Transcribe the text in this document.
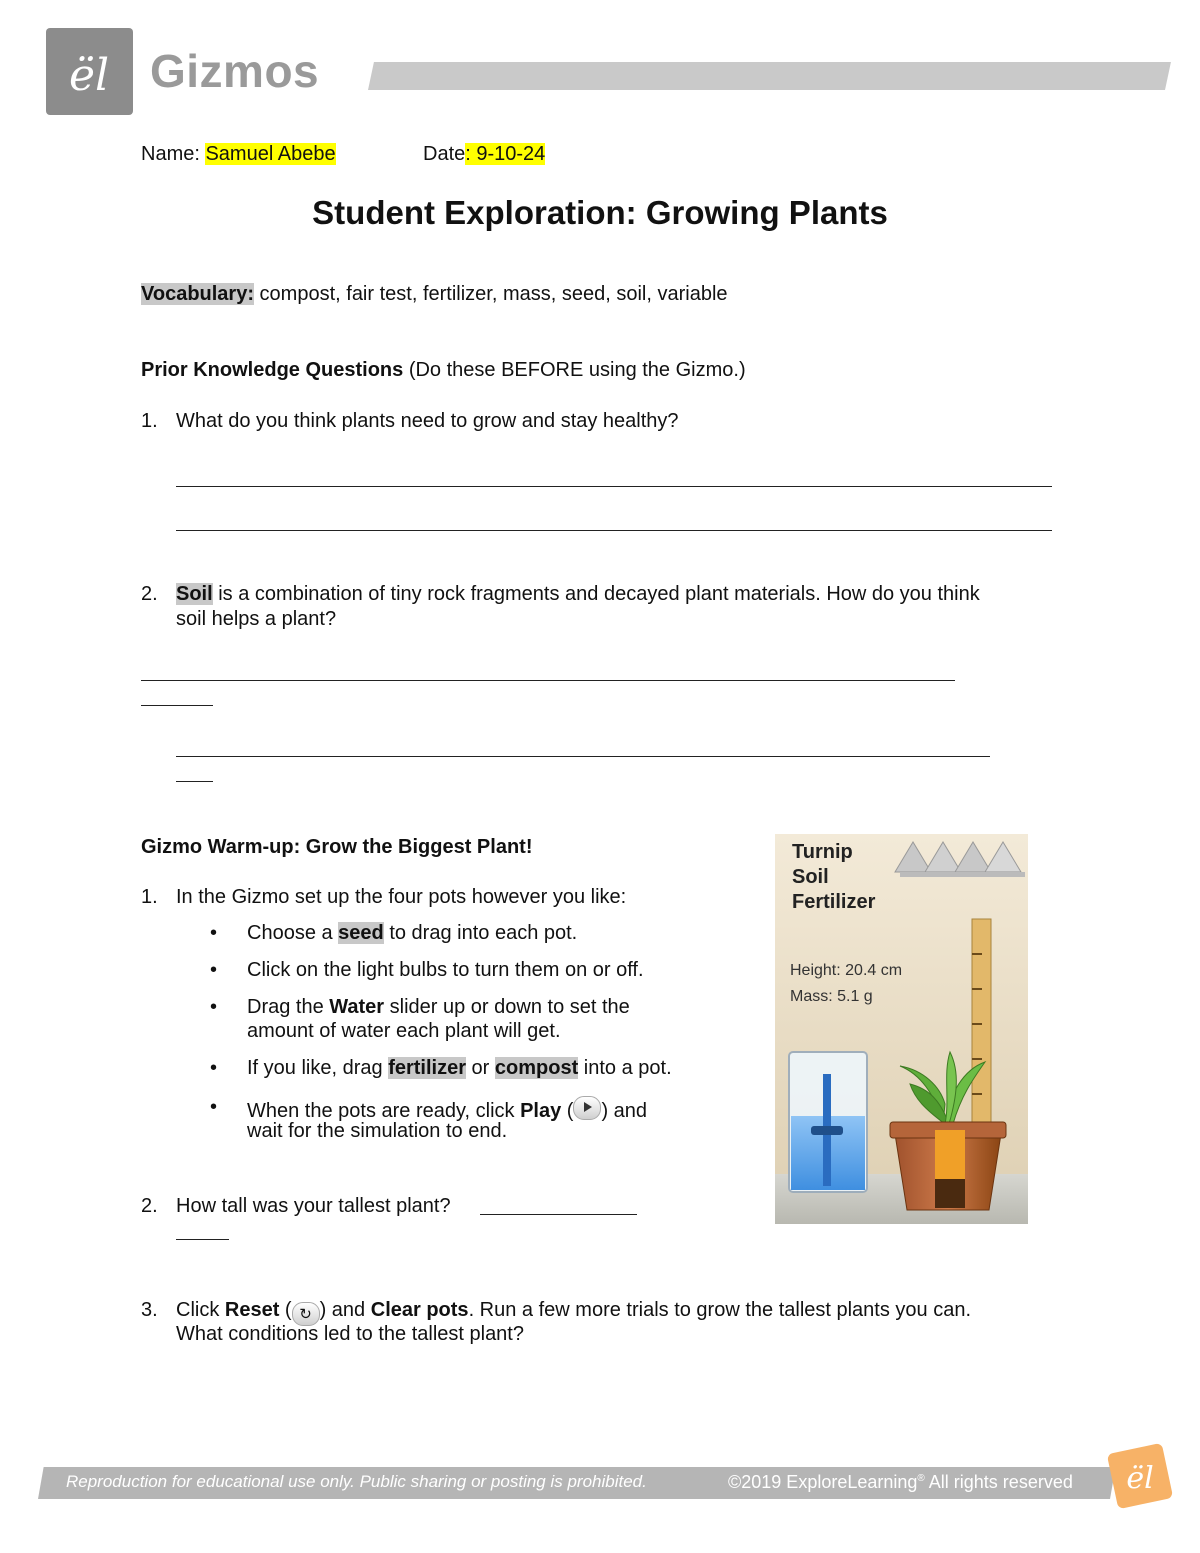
ël Gizmos
Name: Samuel Abebe	Date: 9-10-24
Student Exploration: Growing Plants
Vocabulary: compost, fair test, fertilizer, mass, seed, soil, variable
Prior Knowledge Questions (Do these BEFORE using the Gizmo.)
1. What do you think plants need to grow and stay healthy?
2. Soil is a combination of tiny rock fragments and decayed plant materials. How do you think
soil helps a plant?
Gizmo Warm-up: Grow the Biggest Plant!
1. In the Gizmo set up the four pots however you like:
• Choose a seed to drag into each pot.
• Click on the light bulbs to turn them on or off.
• Drag the Water slider up or down to set the
amount of water each plant will get.
• If you like, drag fertilizer or compost into a pot.
• When the pots are ready, click Play ( ) and
wait for the simulation to end.
2. How tall was your tallest plant?
3. Click Reset ( ↻ ) and Clear pots. Run a few more trials to grow the tallest plants you can.
What conditions led to the tallest plant?
Turnip
Soil
Fertilizer
Height: 20.4 cm
Mass: 5.1 g
Reproduction for educational use only. Public sharing or posting is prohibited.	©2019 ExploreLearning® All rights reserved ël
